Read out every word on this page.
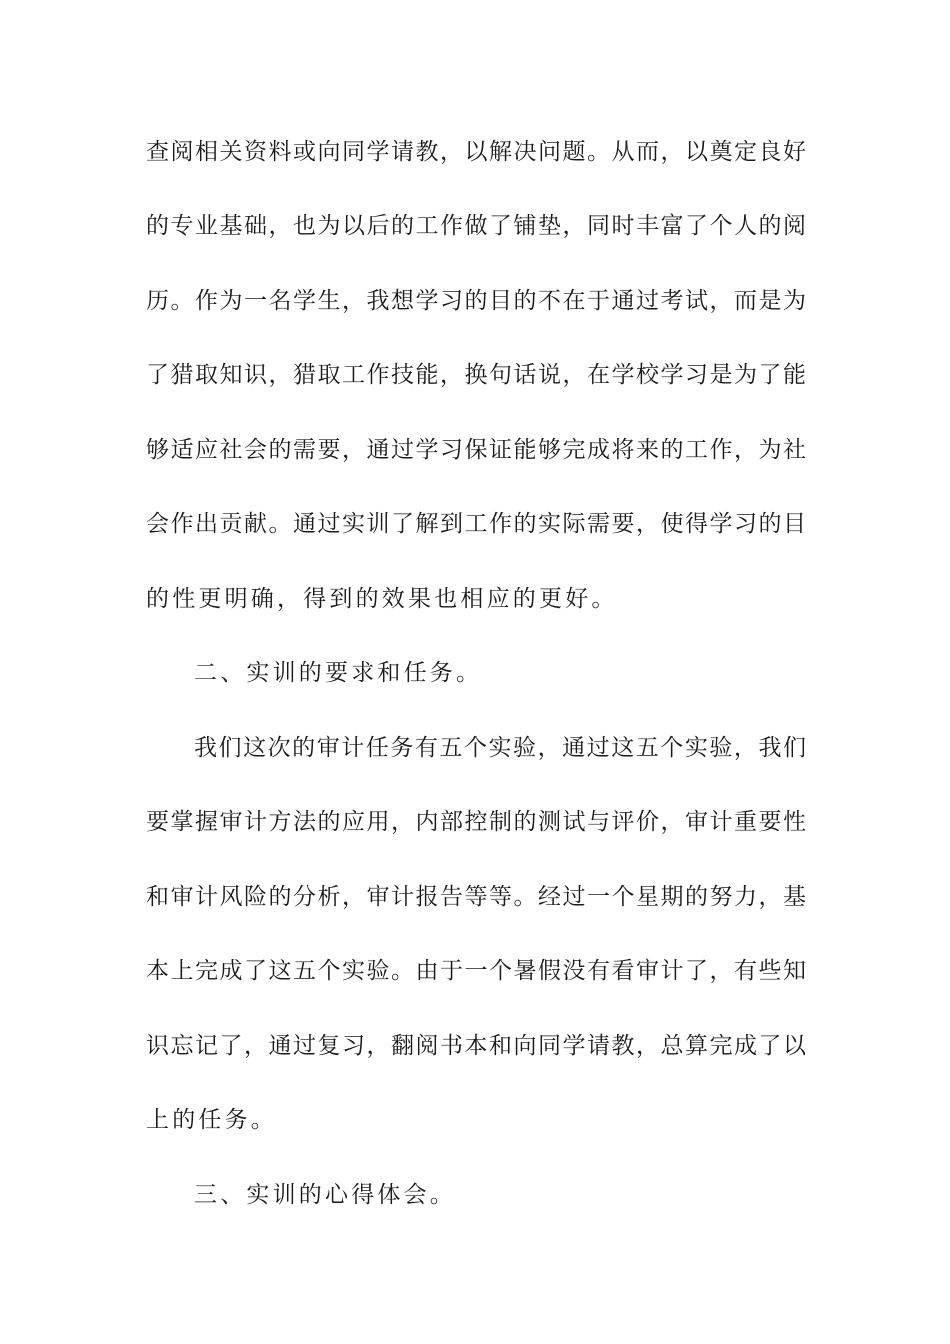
查阅相关资料或向同学请教，以解决问题。从而，以奠定良好
的专业基础，也为以后的工作做了铺垫，同时丰富了个人的阅
历。作为一名学生，我想学习的目的不在于通过考试，而是为
了猎取知识，猎取工作技能，换句话说，在学校学习是为了能
够适应社会的需要，通过学习保证能够完成将来的工作，为社
会作出贡献。通过实训了解到工作的实际需要，使得学习的目
的性更明确，得到的效果也相应的更好。
二、实训的要求和任务。
我们这次的审计任务有五个实验，通过这五个实验，我们
要掌握审计方法的应用，内部控制的测试与评价，审计重要性
和审计风险的分析，审计报告等等。经过一个星期的努力，基
本上完成了这五个实验。由于一个暑假没有看审计了，有些知
识忘记了，通过复习，翻阅书本和向同学请教，总算完成了以
上的任务。
三、实训的心得体会。
